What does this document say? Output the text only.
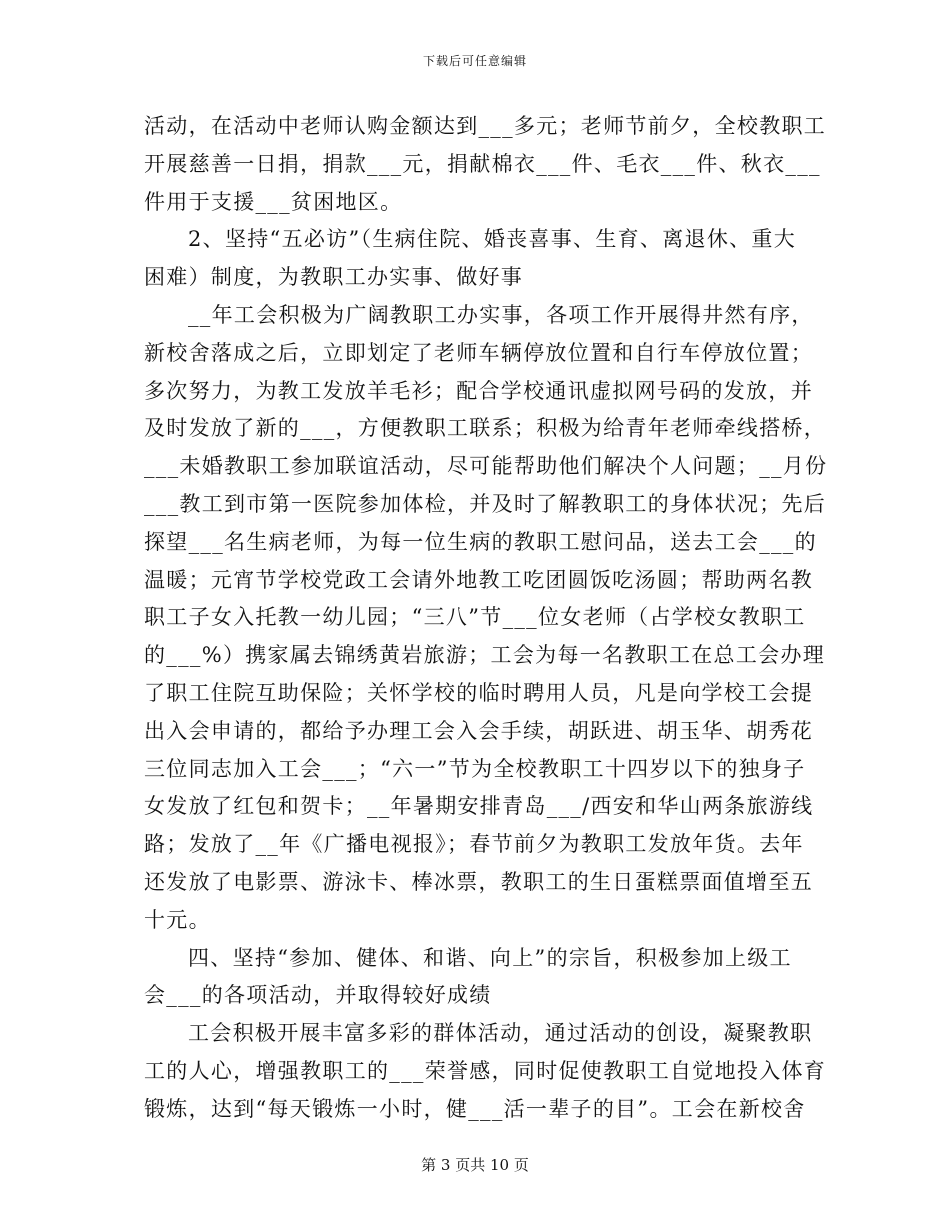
下载后可任意编辑
活动，在活动中老师认购金额达到___多元；老师节前夕，全校教职工
开展慈善一日捐，捐款___元，捐献棉衣___件、毛衣___件、秋衣___
件用于支援___贫困地区。
2、坚持“五必访”（生病住院、婚丧喜事、生育、离退休、重大
困难）制度，为教职工办实事、做好事
__年工会积极为广阔教职工办实事，各项工作开展得井然有序，
新校舍落成之后，立即划定了老师车辆停放位置和自行车停放位置；
多次努力，为教工发放羊毛衫；配合学校通讯虚拟网号码的发放，并
及时发放了新的___，方便教职工联系；积极为给青年老师牵线搭桥，
___未婚教职工参加联谊活动，尽可能帮助他们解决个人问题；__月份
___教工到市第一医院参加体检，并及时了解教职工的身体状况；先后
探望___名生病老师，为每一位生病的教职工慰问品，送去工会___的
温暖；元宵节学校党政工会请外地教工吃团圆饭吃汤圆；帮助两名教
职工子女入托教一幼儿园；“三八”节___位女老师（占学校女教职工
的___%）携家属去锦绣黄岩旅游；工会为每一名教职工在总工会办理
了职工住院互助保险；关怀学校的临时聘用人员，凡是向学校工会提
出入会申请的，都给予办理工会入会手续，胡跃进、胡玉华、胡秀花
三位同志加入工会___；“六一”节为全校教职工十四岁以下的独身子
女发放了红包和贺卡；__年暑期安排青岛___/西安和华山两条旅游线
路；发放了__年《广播电视报》；春节前夕为教职工发放年货。去年
还发放了电影票、游泳卡、棒冰票，教职工的生日蛋糕票面值增至五
十元。
四、坚持“参加、健体、和谐、向上”的宗旨，积极参加上级工
会___的各项活动，并取得较好成绩
工会积极开展丰富多彩的群体活动，通过活动的创设，凝聚教职
工的人心，增强教职工的___荣誉感，同时促使教职工自觉地投入体育
锻炼，达到“每天锻炼一小时，健___活一辈子的目”。工会在新校舍
第 3 页共 10 页
